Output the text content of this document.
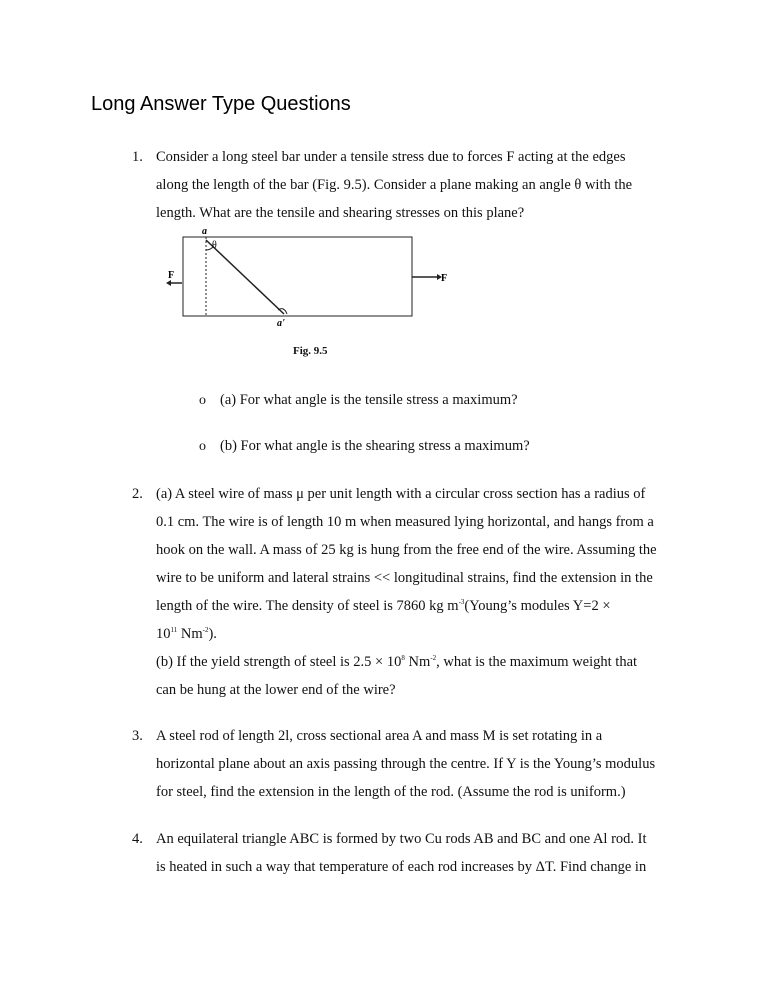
Long Answer Type Questions
1. Consider a long steel bar under a tensile stress due to forces F acting at the edges
along the length of the bar (Fig. 9.5). Consider a plane making an angle θ with the
length. What are the tensile and shearing stresses on this plane?
a
θ
a'
F	F
Fig. 9.5
o (a) For what angle is the tensile stress a maximum?
o (b) For what angle is the shearing stress a maximum?
2. (a) A steel wire of mass μ per unit length with a circular cross section has a radius of
0.1 cm. The wire is of length 10 m when measured lying horizontal, and hangs from a
hook on the wall. A mass of 25 kg is hung from the free end of the wire. Assuming the
wire to be uniform and lateral strains << longitudinal strains, find the extension in the
length of the wire. The density of steel is 7860 kg $m^{-3}(Young’s$ modules Y=2 ×
$10^{11}$ $Nm^{-2}$).
(b) If the yield strength of steel is $2.5 \times 10^8$ $Nm^{-2}$, what is the maximum weight that
can be hung at the lower end of the wire?
3. A steel rod of length 2l, cross sectional area A and mass M is set rotating in a
horizontal plane about an axis passing through the centre. If Y is the Young’s modulus
for steel, find the extension in the length of the rod. (Assume the rod is uniform.)
4. An equilateral triangle ABC is formed by two Cu rods AB and BC and one Al rod. It
is heated in such a way that temperature of each rod increases by ΔT. Find change in
